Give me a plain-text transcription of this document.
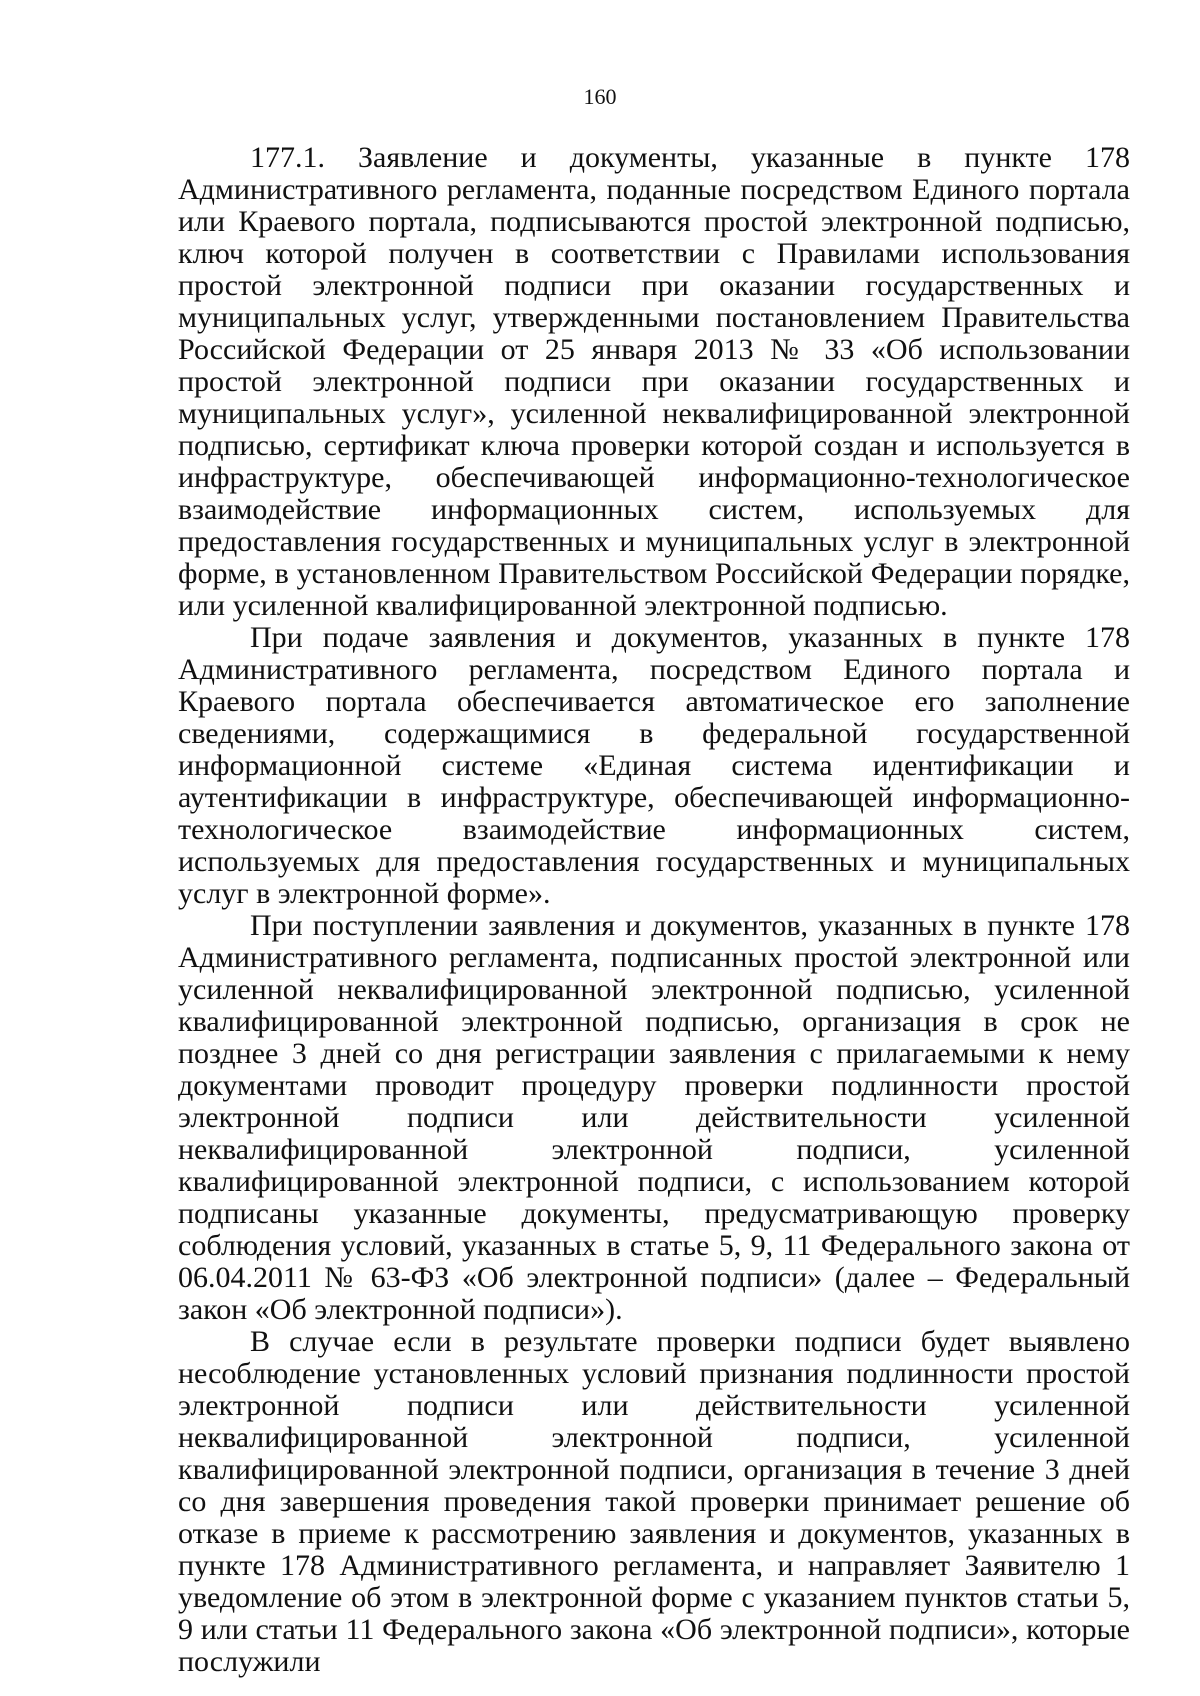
160

177.1. Заявление и документы, указанные в пункте 178 Административного регламента, поданные посредством Единого портала или Краевого портала, подписываются простой электронной подписью, ключ которой получен в соответствии с Правилами использования простой электронной подписи при оказании государственных и муниципальных услуг, утвержденными постановлением Правительства Российской Федерации от 25 января 2013 № 33 «Об использовании простой электронной подписи при оказании государственных и муниципальных услуг», усиленной неквалифицированной электронной подписью, сертификат ключа проверки которой создан и используется в инфраструктуре, обеспечивающей информационно-технологическое взаимодействие информационных систем, используемых для предоставления государственных и муниципальных услуг в электронной форме, в установленном Правительством Российской Федерации порядке, или усиленной квалифицированной электронной подписью.

При подаче заявления и документов, указанных в пункте 178 Административного регламента, посредством Единого портала и Краевого портала обеспечивается автоматическое его заполнение сведениями, содержащимися в федеральной государственной информационной системе «Единая система идентификации и аутентификации в инфраструктуре, обеспечивающей информационно-технологическое взаимодействие информационных систем, используемых для предоставления государственных и муниципальных услуг в электронной форме».

При поступлении заявления и документов, указанных в пункте 178 Административного регламента, подписанных простой электронной или усиленной неквалифицированной электронной подписью, усиленной квалифицированной электронной подписью, организация в срок не позднее 3 дней со дня регистрации заявления с прилагаемыми к нему документами проводит процедуру проверки подлинности простой электронной подписи или действительности усиленной неквалифицированной электронной подписи, усиленной квалифицированной электронной подписи, с использованием которой подписаны указанные документы, предусматривающую проверку соблюдения условий, указанных в статье 5, 9, 11 Федерального закона от 06.04.2011 № 63-ФЗ «Об электронной подписи» (далее – Федеральный закон «Об электронной подписи»).

В случае если в результате проверки подписи будет выявлено несоблюдение установленных условий признания подлинности простой электронной подписи или действительности усиленной неквалифицированной электронной подписи, усиленной квалифицированной электронной подписи, организация в течение 3 дней со дня завершения проведения такой проверки принимает решение об отказе в приеме к рассмотрению заявления и документов, указанных в пункте 178 Административного регламента, и направляет Заявителю 1 уведомление об этом в электронной форме с указанием пунктов статьи 5, 9 или статьи 11 Федерального закона «Об электронной подписи», которые послужили
